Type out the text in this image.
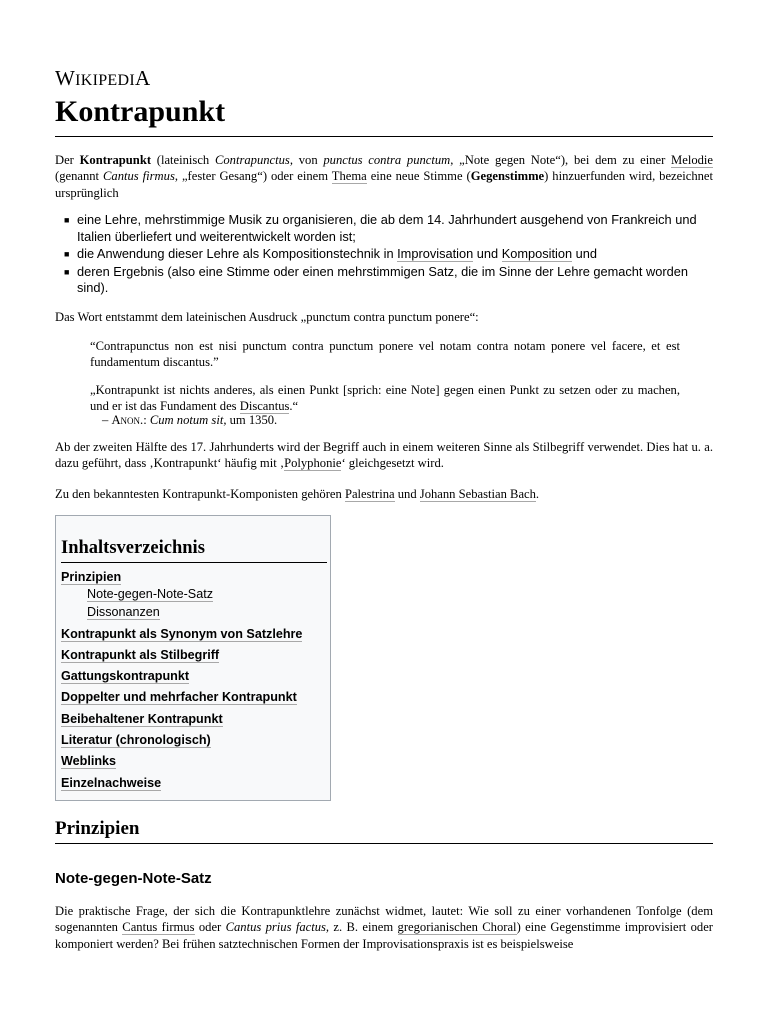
WIKIPEDIA
Kontrapunkt

Der Kontrapunkt (lateinisch Contrapunctus, von punctus contra punctum, „Note gegen Note“), bei dem zu einer Melodie (genannt Cantus firmus, „fester Gesang“) oder einem Thema eine neue Stimme (Gegenstimme) hinzuerfunden wird, bezeichnet ursprünglich

■ eine Lehre, mehrstimmige Musik zu organisieren, die ab dem 14. Jahrhundert ausgehend von Frankreich und Italien überliefert und weiterentwickelt worden ist;
■ die Anwendung dieser Lehre als Kompositionstechnik in Improvisation und Komposition und
■ deren Ergebnis (also eine Stimme oder einen mehrstimmigen Satz, die im Sinne der Lehre gemacht worden sind).

Das Wort entstammt dem lateinischen Ausdruck „punctum contra punctum ponere“:

“Contrapunctus non est nisi punctum contra punctum ponere vel notam contra notam ponere vel facere, et est fundamentum discantus.”

„Kontrapunkt ist nichts anderes, als einen Punkt [sprich: eine Note] gegen einen Punkt zu setzen oder zu machen, und er ist das Fundament des Discantus.“

– Anon.: Cum notum sit, um 1350.

Ab der zweiten Hälfte des 17. Jahrhunderts wird der Begriff auch in einem weiteren Sinne als Stilbegriff verwendet. Dies hat u. a. dazu geführt, dass ‚Kontrapunkt‘ häufig mit ‚Polyphonie‘ gleichgesetzt wird.

Zu den bekanntesten Kontrapunkt-Komponisten gehören Palestrina und Johann Sebastian Bach.

Inhaltsverzeichnis
Prinzipien
Note-gegen-Note-Satz
Dissonanzen
Kontrapunkt als Synonym von Satzlehre
Kontrapunkt als Stilbegriff
Gattungskontrapunkt
Doppelter und mehrfacher Kontrapunkt
Beibehaltener Kontrapunkt
Literatur (chronologisch)
Weblinks
Einzelnachweise
Prinzipien
Note-gegen-Note-Satz

Die praktische Frage, der sich die Kontrapunktlehre zunächst widmet, lautet: Wie soll zu einer vorhandenen Tonfolge (dem sogenannten Cantus firmus oder Cantus prius factus, z. B. einem gregorianischen Choral) eine Gegenstimme improvisiert oder komponiert werden? Bei frühen satztechnischen Formen der Improvisationspraxis ist es beispielsweise
